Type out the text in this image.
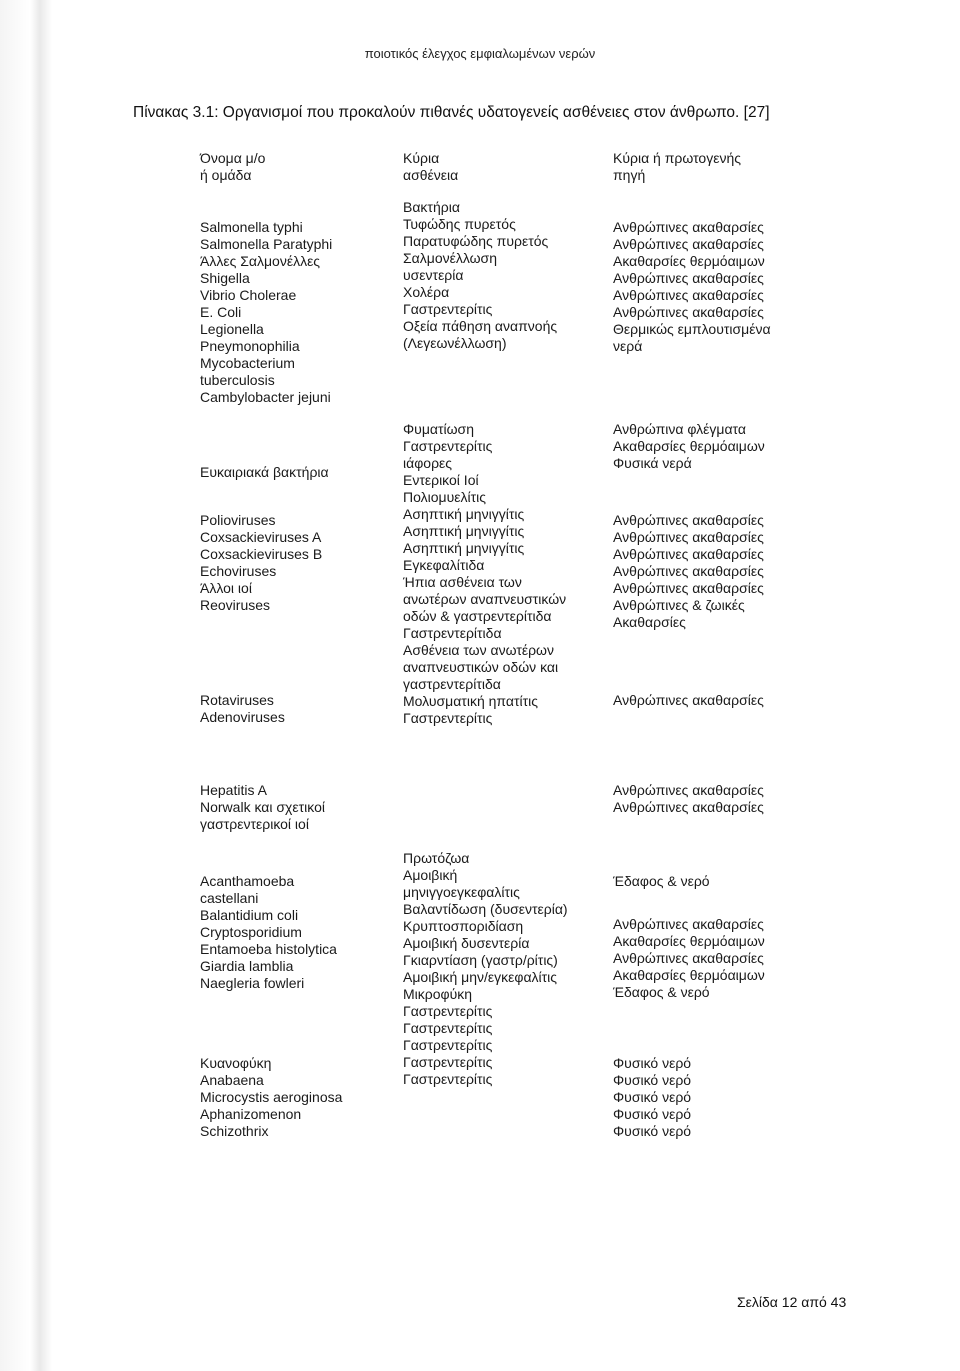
ποιοτικός έλεγχος εμφιαλωμένων νερών
Πίνακας 3.1: Οργανισμοί που προκαλούν πιθανές υδατογενείς ασθένειες στον άνθρωπο. [27]
Όνομα μ/ο
ή ομάδα
Κύρια
ασθένεια
Κύρια ή πρωτογενής
πηγή
Salmonella typhi
Salmonella Paratyphi
Άλλες Σαλμονέλλες
Shigella
Vibrio Cholerae
E. Coli
Legionella
Pneymonophilia
Mycobacterium
tuberculosis
Cambylobacter jejuni
Βακτήρια
Τυφώδης πυρετός
Παρατυφώδης πυρετός
Σαλμονέλλωση
υσεντερία
Χολέρα
Γαστρεντερίτις
Οξεία πάθηση αναπνοής
(Λεγεωνέλλωση)
Ανθρώπινες ακαθαρσίες
Ανθρώπινες ακαθαρσίες
Ακαθαρσίες θερμόαιμων
Ανθρώπινες ακαθαρσίες
Ανθρώπινες ακαθαρσίες
Ανθρώπινες ακαθαρσίες
Θερμικώς εμπλουτισμένα
νερά
Ευκαιριακά βακτήρια
Φυματίωση
Γαστρεντερίτις
ιάφορες
Εντερικοί Ιοί
Πολιομυελίτις
Ασηπτική μηνιγγίτις
Ασηπτική μηνιγγίτις
Ασηπτική μηνιγγίτις
Εγκεφαλίτιδα
Ήπια ασθένεια των
ανωτέρων αναπνευστικών
οδών & γαστρεντερίτιδα
Γαστρεντερίτιδα
Ασθένεια των ανωτέρων
αναπνευστικών οδών και
γαστρεντερίτιδα
Μολυσματική ηπατίτις
Γαστρεντερίτις
Ανθρώπινα φλέγματα
Ακαθαρσίες θερμόαιμων
Φυσικά νερά
Ανθρώπινες ακαθαρσίες
Ανθρώπινες ακαθαρσίες
Ανθρώπινες ακαθαρσίες
Ανθρώπινες ακαθαρσίες
Ανθρώπινες ακαθαρσίες
Ανθρώπινες & ζωικές
Ακαθαρσίες
Ανθρώπινες ακαθαρσίες
Polioviruses
Coxsackieviruses A
Coxsackieviruses B
Echoviruses
Άλλοι ιοί
Reoviruses
Rotaviruses
Adenoviruses
Hepatitis A
Norwalk και σχετικοί
γαστρεντερικοί ιοί
Ανθρώπινες ακαθαρσίες
Ανθρώπινες ακαθαρσίες
Acanthamoeba
castellani
Balantidium coli
Cryptosporidium
Entamoeba histolytica
Giardia lamblia
Naegleria fowleri
Πρωτόζωα
Αμοιβική
μηνιγγοεγκεφαλίτις
Βαλαντίδωση (δυσεντερία)
Κρυπτοσποριδίαση
Αμοιβική δυσεντερία
Γκιαρντίαση (γαστρ/ρίτις)
Αμοιβική μην/εγκεφαλίτις
Μικροφύκη
Γαστρεντερίτις
Γαστρεντερίτις
Γαστρεντερίτις
Γαστρεντερίτις
Γαστρεντερίτις
Έδαφος & νερό
Ανθρώπινες ακαθαρσίες
Ακαθαρσίες θερμόαιμων
Ανθρώπινες ακαθαρσίες
Ακαθαρσίες θερμόαιμων
Έδαφος & νερό
Κυανοφύκη
Anabaena
Microcystis aeroginosa
Aphanizomenon
Schizothrix
Φυσικό νερό
Φυσικό νερό
Φυσικό νερό
Φυσικό νερό
Φυσικό νερό
Σελίδα 12 από 43
